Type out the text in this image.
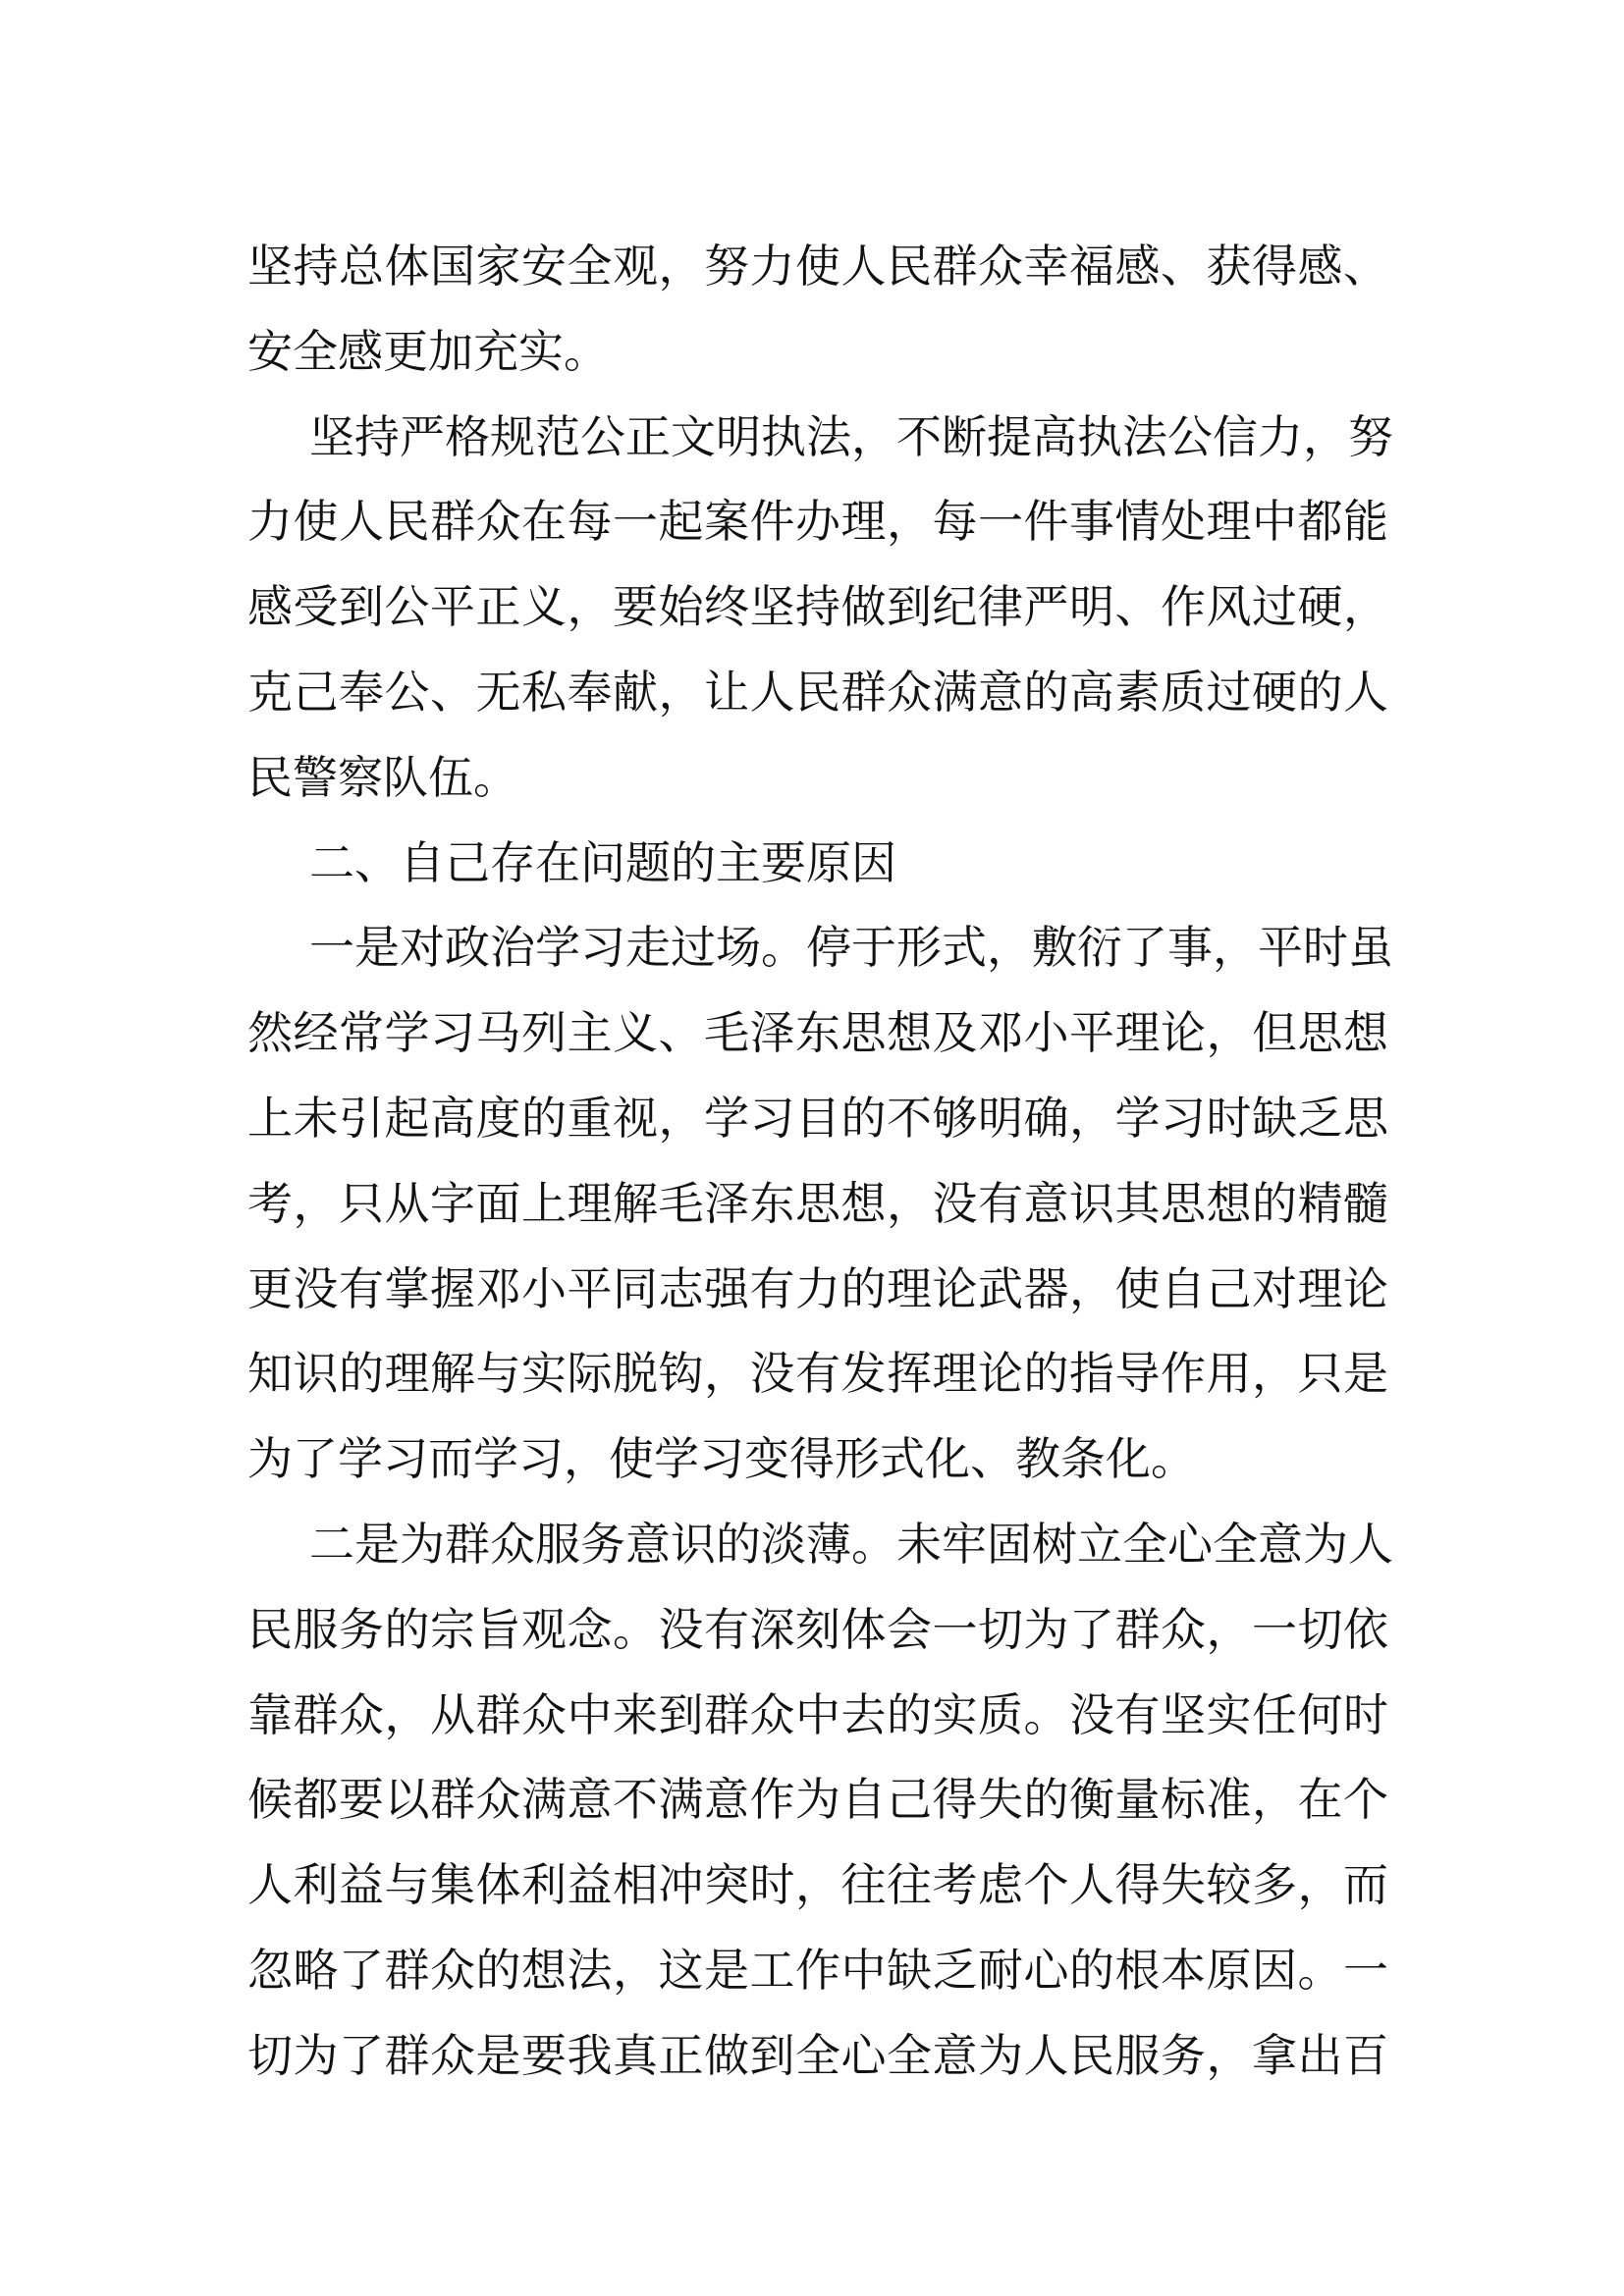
坚持总体国家安全观，努力使人民群众幸福感、获得感、
安全感更加充实。
坚持严格规范公正文明执法，不断提高执法公信力，努
力使人民群众在每一起案件办理，每一件事情处理中都能
感受到公平正义，要始终坚持做到纪律严明、作风过硬，
克己奉公、无私奉献，让人民群众满意的高素质过硬的人
民警察队伍。
二、自己存在问题的主要原因
一是对政治学习走过场。停于形式，敷衍了事，平时虽
然经常学习马列主义、毛泽东思想及邓小平理论，但思想
上未引起高度的重视，学习目的不够明确，学习时缺乏思
考，只从字面上理解毛泽东思想，没有意识其思想的精髓
更没有掌握邓小平同志强有力的理论武器，使自己对理论
知识的理解与实际脱钩，没有发挥理论的指导作用，只是
为了学习而学习，使学习变得形式化、教条化。
二是为群众服务意识的淡薄。未牢固树立全心全意为人
民服务的宗旨观念。没有深刻体会一切为了群众，一切依
靠群众，从群众中来到群众中去的实质。没有坚实任何时
候都要以群众满意不满意作为自己得失的衡量标准，在个
人利益与集体利益相冲突时，往往考虑个人得失较多，而
忽略了群众的想法，这是工作中缺乏耐心的根本原因。一
切为了群众是要我真正做到全心全意为人民服务，拿出百
